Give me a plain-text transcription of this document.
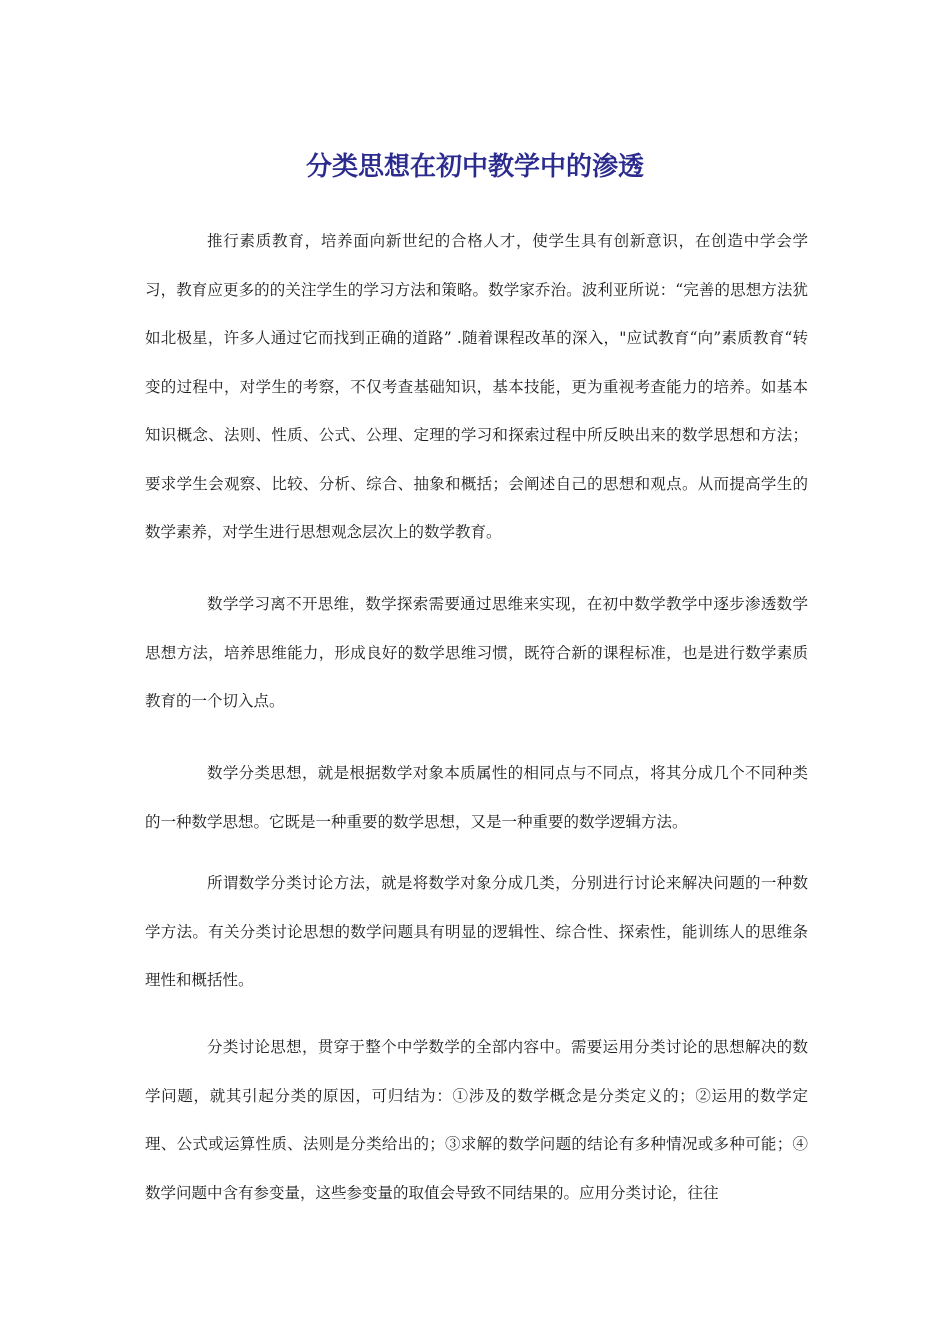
分类思想在初中教学中的渗透

推行素质教育，培养面向新世纪的合格人才，使学生具有创新意识，在创造中学会学习，教育应更多的的关注学生的学习方法和策略。数学家乔治。波利亚所说：“完善的思想方法犹如北极星，许多人通过它而找到正确的道路” .随着课程改革的深入，"应试教育“向”素质教育“转变的过程中，对学生的考察，不仅考查基础知识，基本技能，更为重视考查能力的培养。如基本知识概念、法则、性质、公式、公理、定理的学习和探索过程中所反映出来的数学思想和方法；要求学生会观察、比较、分析、综合、抽象和概括；会阐述自己的思想和观点。从而提高学生的数学素养，对学生进行思想观念层次上的数学教育。

数学学习离不开思维，数学探索需要通过思维来实现，在初中数学教学中逐步渗透数学思想方法，培养思维能力，形成良好的数学思维习惯，既符合新的课程标准，也是进行数学素质教育的一个切入点。

数学分类思想，就是根据数学对象本质属性的相同点与不同点，将其分成几个不同种类的一种数学思想。它既是一种重要的数学思想，又是一种重要的数学逻辑方法。

所谓数学分类讨论方法，就是将数学对象分成几类，分别进行讨论来解决问题的一种数学方法。有关分类讨论思想的数学问题具有明显的逻辑性、综合性、探索性，能训练人的思维条理性和概括性。

分类讨论思想，贯穿于整个中学数学的全部内容中。需要运用分类讨论的思想解决的数学问题，就其引起分类的原因，可归结为：①涉及的数学概念是分类定义的；②运用的数学定理、公式或运算性质、法则是分类给出的；③求解的数学问题的结论有多种情况或多种可能；④数学问题中含有参变量，这些参变量的取值会导致不同结果的。应用分类讨论，往往
